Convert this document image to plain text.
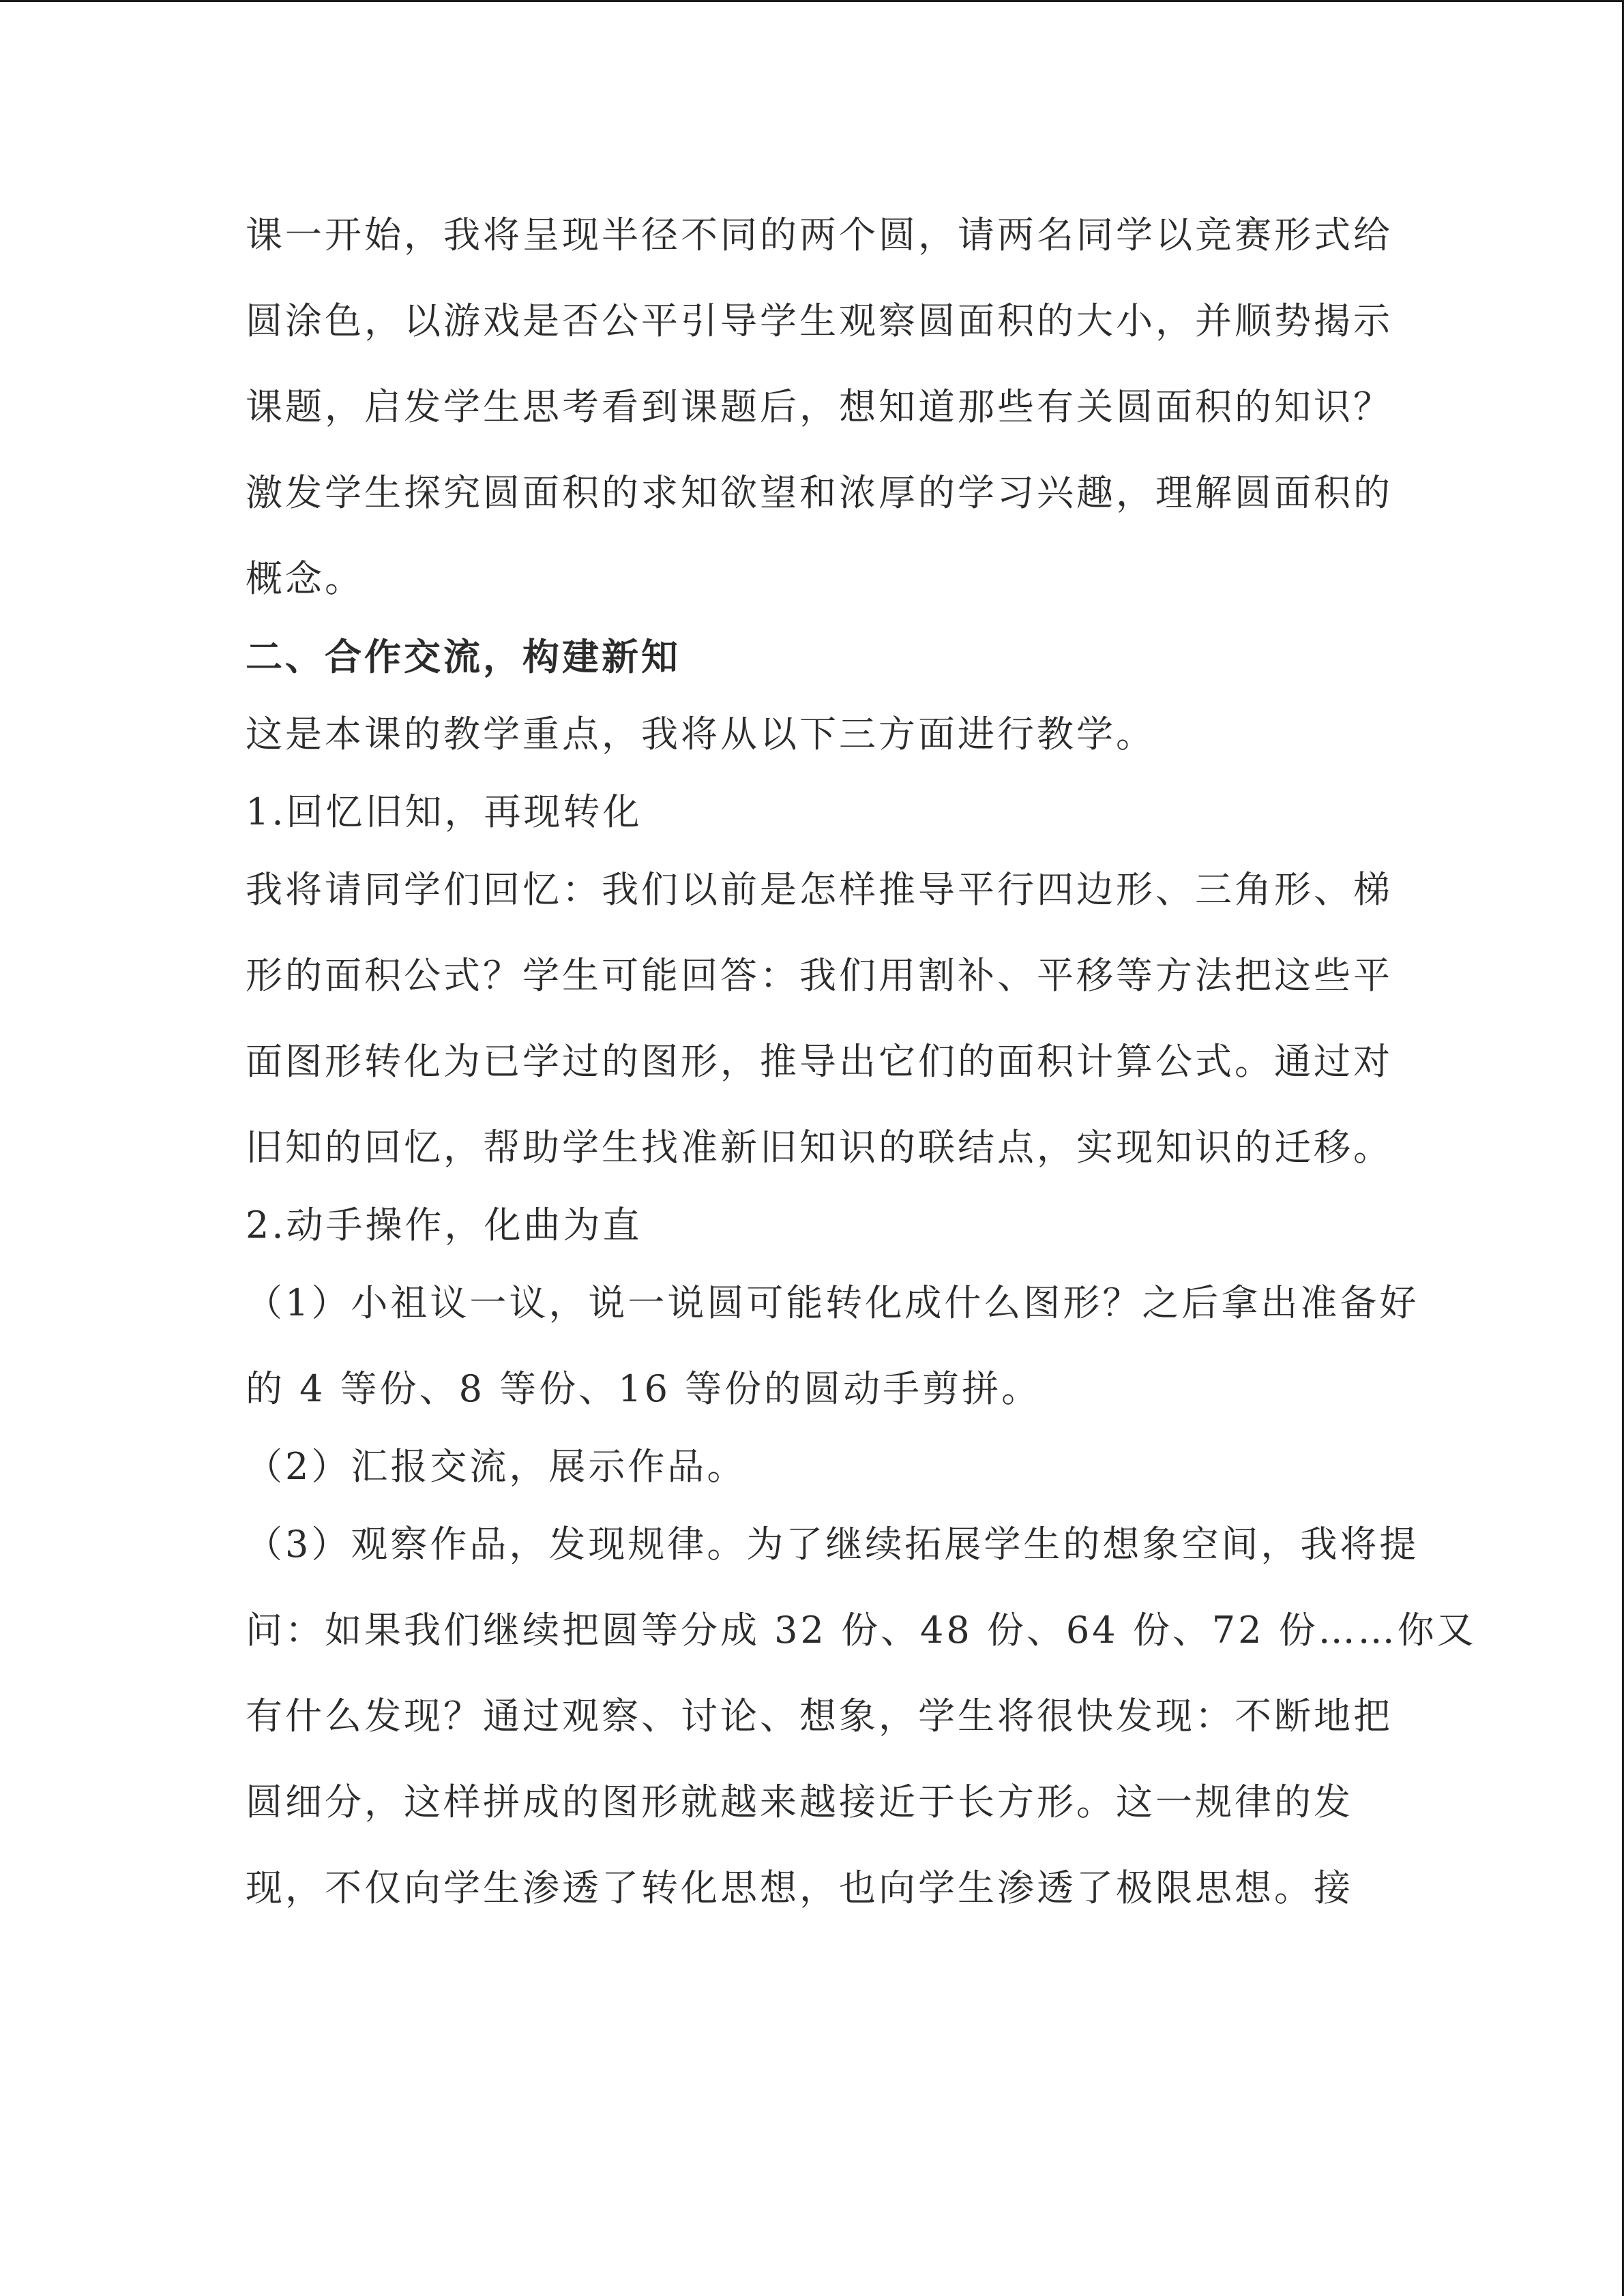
课一开始，我将呈现半径不同的两个圆，请两名同学以竞赛形式给

圆涂色，以游戏是否公平引导学生观察圆面积的大小，并顺势揭示

课题，启发学生思考看到课题后，想知道那些有关圆面积的知识？

激发学生探究圆面积的求知欲望和浓厚的学习兴趣，理解圆面积的

概念。

二、合作交流，构建新知

这是本课的教学重点，我将从以下三方面进行教学。

1.回忆旧知，再现转化

我将请同学们回忆：我们以前是怎样推导平行四边形、三角形、梯

形的面积公式？学生可能回答：我们用割补、平移等方法把这些平

面图形转化为已学过的图形，推导出它们的面积计算公式。通过对

旧知的回忆，帮助学生找准新旧知识的联结点，实现知识的迁移。

2.动手操作，化曲为直

（1）小祖议一议，说一说圆可能转化成什么图形？之后拿出准备好

的 4 等份、8 等份、16 等份的圆动手剪拼。

（2）汇报交流，展示作品。

（3）观察作品，发现规律。为了继续拓展学生的想象空间，我将提

问：如果我们继续把圆等分成 32 份、48 份、64 份、72 份……你又

有什么发现？通过观察、讨论、想象，学生将很快发现：不断地把

圆细分，这样拼成的图形就越来越接近于长方形。这一规律的发

现，不仅向学生渗透了转化思想，也向学生渗透了极限思想。接
